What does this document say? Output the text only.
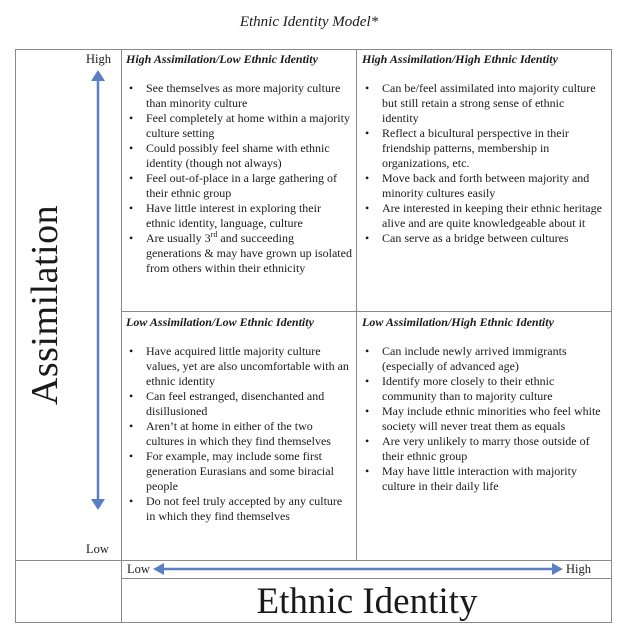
Ethnic Identity Model*
Assimilation
High
Low
Low	High
Ethnic Identity
High Assimilation/Low Ethnic Identity
• See themselves as more majority culture than minority culture
• Feel completely at home within a majority culture setting
• Could possibly feel shame with ethnic identity (though not always)
• Feel out-of-place in a large gathering of their ethnic group
• Have little interest in exploring their ethnic identity, language, culture
• Are usually 3rd and succeeding generations & may have grown up isolated from others within their ethnicity
High Assimilation/High Ethnic Identity
• Can be/feel assimilated into majority culture but still retain a strong sense of ethnic identity
• Reflect a bicultural perspective in their friendship patterns, membership in organizations, etc.
• Move back and forth between majority and minority cultures easily
• Are interested in keeping their ethnic heritage alive and are quite knowledgeable about it
• Can serve as a bridge between cultures
Low Assimilation/Low Ethnic Identity
• Have acquired little majority culture values, yet are also uncomfortable with an ethnic identity
• Can feel estranged, disenchanted and disillusioned
• Aren’t at home in either of the two cultures in which they find themselves
• For example, may include some first generation Eurasians and some biracial people
• Do not feel truly accepted by any culture in which they find themselves
Low Assimilation/High Ethnic Identity
• Can include newly arrived immigrants (especially of advanced age)
• Identify more closely to their ethnic community than to majority culture
• May include ethnic minorities who feel white society will never treat them as equals
• Are very unlikely to marry those outside of their ethnic group
• May have little interaction with majority culture in their daily life
